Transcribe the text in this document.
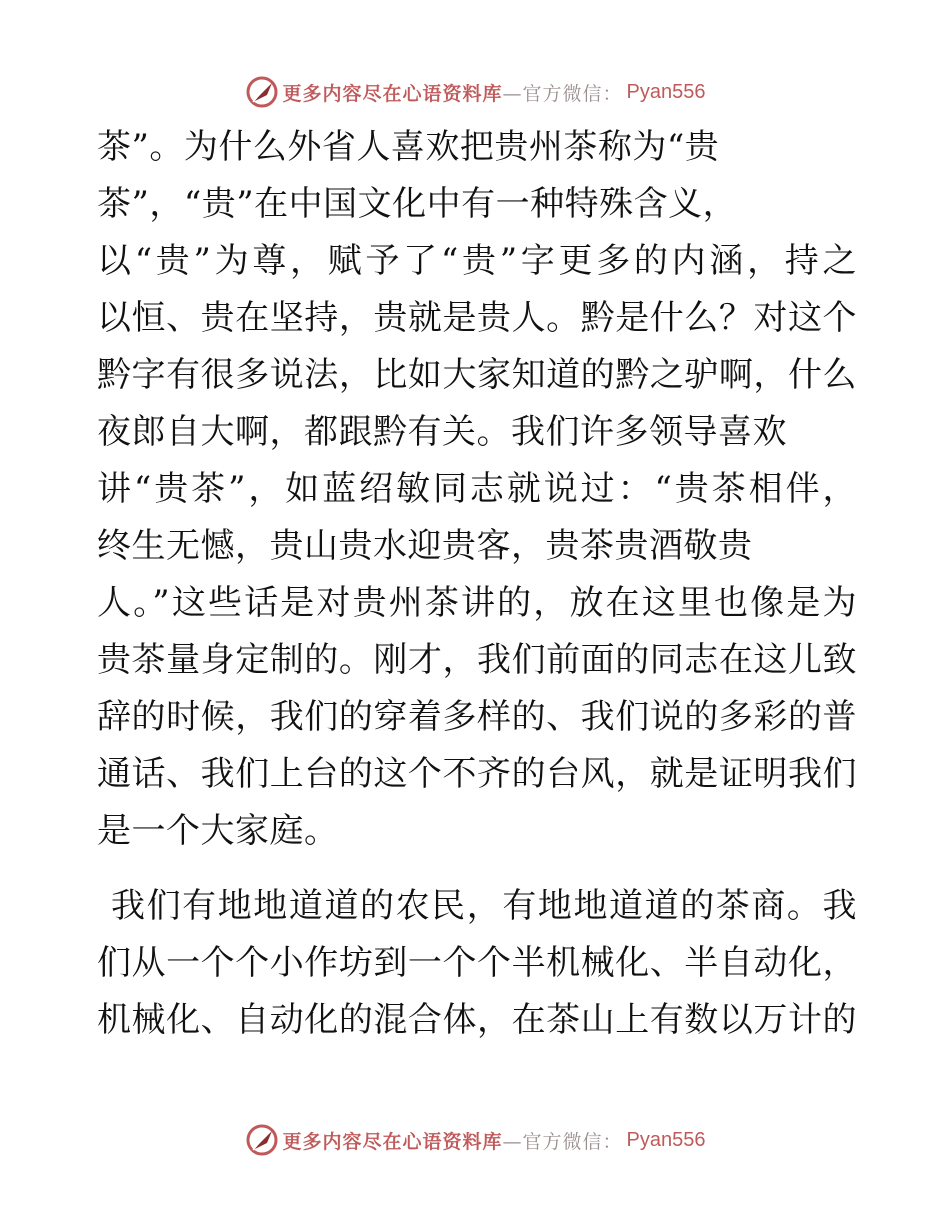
更多内容尽在心语资料库 —官方微信： Pyan556
茶”。为什么外省人喜欢把贵州茶称为“贵
茶”，“贵”在中国文化中有一种特殊含义，
以“贵”为尊，赋予了“贵”字更多的内涵，持之
以恒、贵在坚持，贵就是贵人。黔是什么？对这个
黔字有很多说法，比如大家知道的黔之驴啊，什么
夜郎自大啊，都跟黔有关。我们许多领导喜欢
讲“贵茶”，如蓝绍敏同志就说过：“贵茶相伴，
终生无憾，贵山贵水迎贵客，贵茶贵酒敬贵
人。”这些话是对贵州茶讲的，放在这里也像是为
贵茶量身定制的。刚才，我们前面的同志在这儿致
辞的时候，我们的穿着多样的、我们说的多彩的普
通话、我们上台的这个不齐的台风，就是证明我们
是一个大家庭。
我们有地地道道的农民，有地地道道的茶商。我
们从一个个小作坊到一个个半机械化、半自动化，
机械化、自动化的混合体，在茶山上有数以万计的
更多内容尽在心语资料库 —官方微信： Pyan556
